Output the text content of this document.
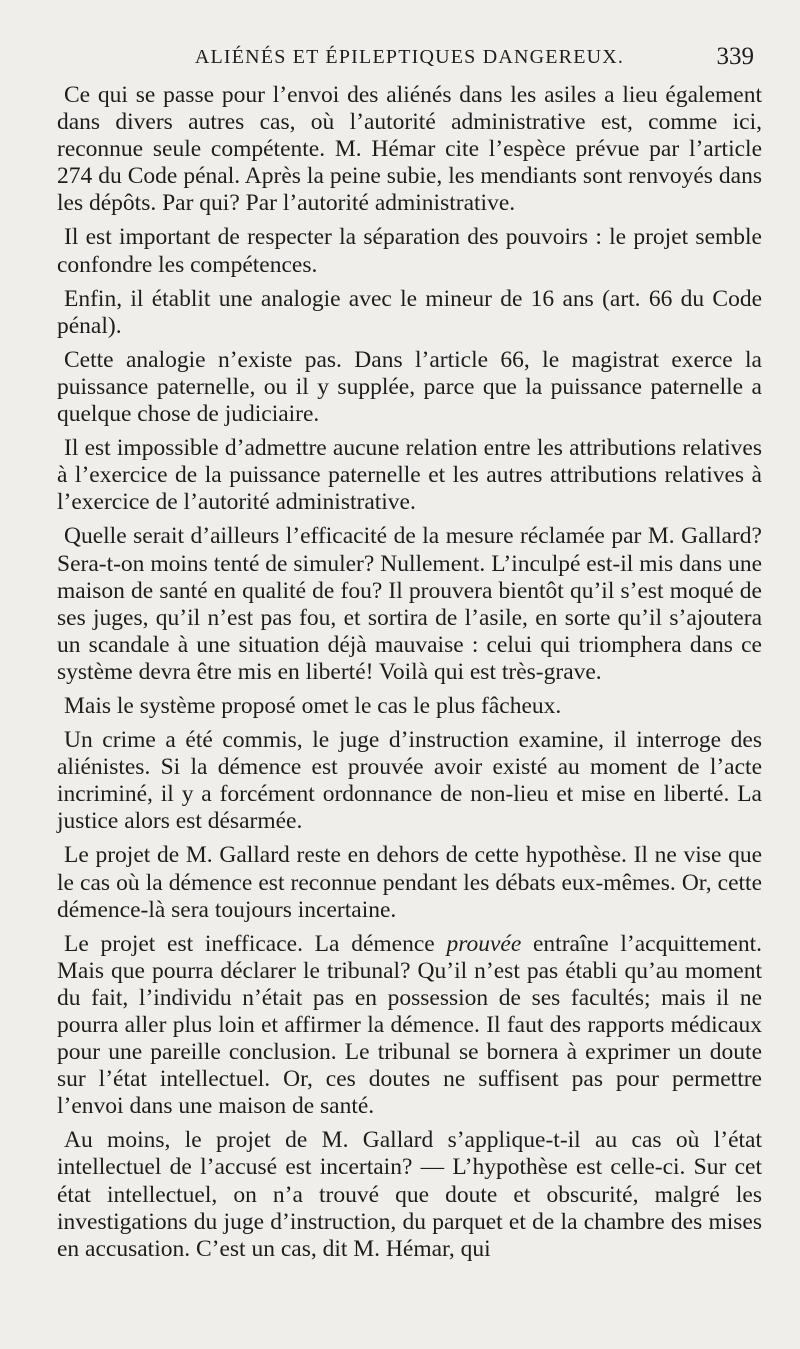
ALIÉNÉS ET ÉPILEPTIQUES DANGEREUX.	339

Ce qui se passe pour l’envoi des aliénés dans les asiles a lieu également dans divers autres cas, où l’autorité administrative est, comme ici, reconnue seule compétente. M. Hémar cite l’espèce prévue par l’article 274 du Code pénal. Après la peine subie, les mendiants sont renvoyés dans les dépôts. Par qui? Par l’autorité administrative.

Il est important de respecter la séparation des pouvoirs : le projet semble confondre les compétences.

Enfin, il établit une analogie avec le mineur de 16 ans (art. 66 du Code pénal).

Cette analogie n’existe pas. Dans l’article 66, le magistrat exerce la puissance paternelle, ou il y supplée, parce que la puissance paternelle a quelque chose de judiciaire.

Il est impossible d’admettre aucune relation entre les attributions relatives à l’exercice de la puissance paternelle et les autres attributions relatives à l’exercice de l’autorité administrative.

Quelle serait d’ailleurs l’efficacité de la mesure réclamée par M. Gallard? Sera-t-on moins tenté de simuler? Nullement. L’inculpé est-il mis dans une maison de santé en qualité de fou? Il prouvera bientôt qu’il s’est moqué de ses juges, qu’il n’est pas fou, et sortira de l’asile, en sorte qu’il s’ajoutera un scandale à une situation déjà mauvaise : celui qui triomphera dans ce système devra être mis en liberté! Voilà qui est très-grave.

Mais le système proposé omet le cas le plus fâcheux.

Un crime a été commis, le juge d’instruction examine, il interroge des aliénistes. Si la démence est prouvée avoir existé au moment de l’acte incriminé, il y a forcément ordonnance de non-lieu et mise en liberté. La justice alors est désarmée.

Le projet de M. Gallard reste en dehors de cette hypothèse. Il ne vise que le cas où la démence est reconnue pendant les débats eux-mêmes. Or, cette démence-là sera toujours incertaine.

Le projet est inefficace. La démence prouvée entraîne l’acquittement. Mais que pourra déclarer le tribunal? Qu’il n’est pas établi qu’au moment du fait, l’individu n’était pas en possession de ses facultés; mais il ne pourra aller plus loin et affirmer la démence. Il faut des rapports médicaux pour une pareille conclusion. Le tribunal se bornera à exprimer un doute sur l’état intellectuel. Or, ces doutes ne suffisent pas pour permettre l’envoi dans une maison de santé.

Au moins, le projet de M. Gallard s’applique-t-il au cas où l’état intellectuel de l’accusé est incertain? — L’hypothèse est celle-ci. Sur cet état intellectuel, on n’a trouvé que doute et obscurité, malgré les investigations du juge d’instruction, du parquet et de la chambre des mises en accusation. C’est un cas, dit M. Hémar, qui
